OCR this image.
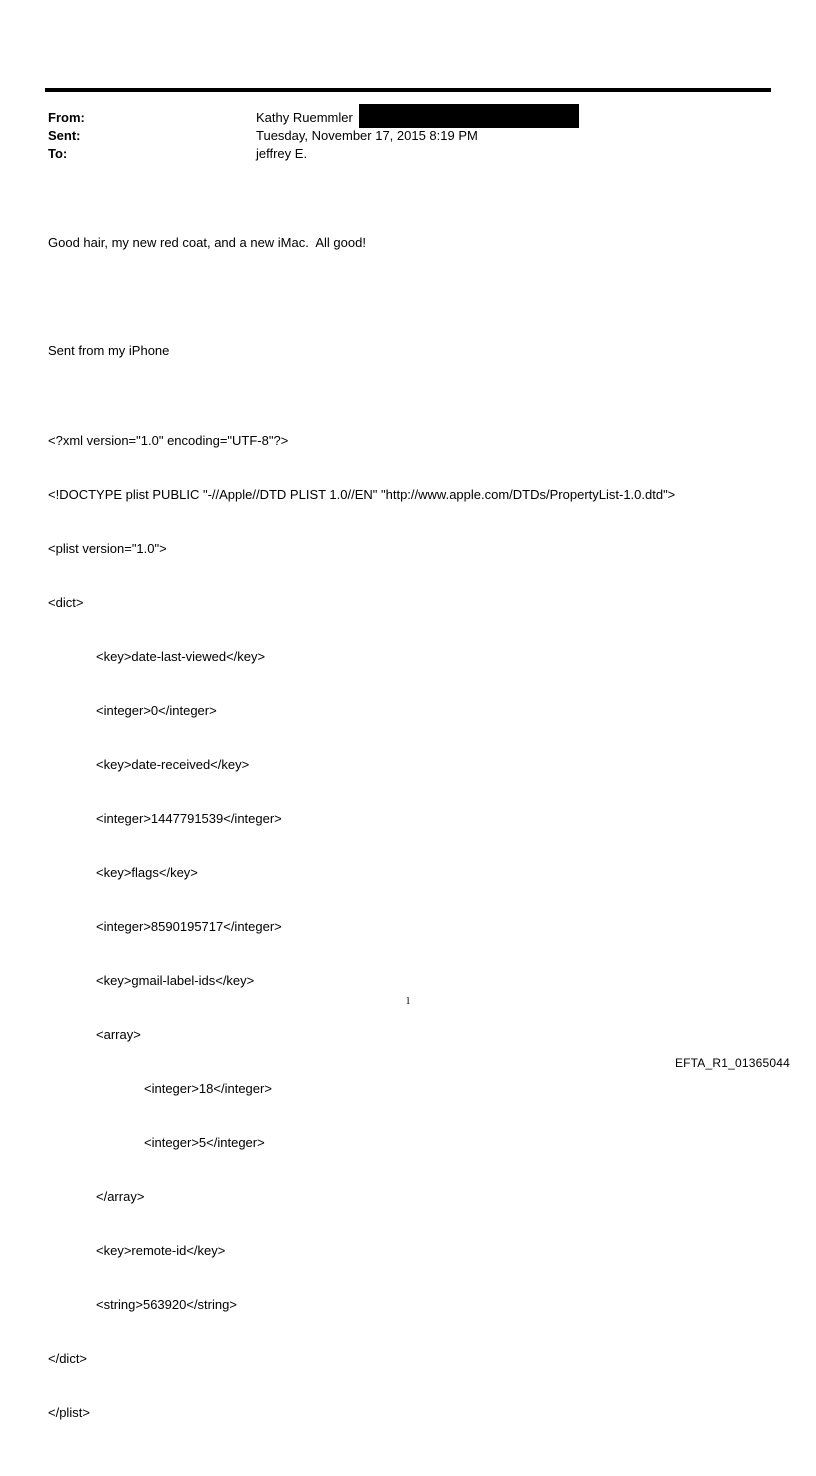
From:	Kathy Ruemmler
Sent:	Tuesday, November 17, 2015 8:19 PM
To:	jeffrey E.

Good hair, my new red coat, and a new iMac.  All good!

Sent from my iPhone

<?xml version="1.0" encoding="UTF-8"?>

<!DOCTYPE plist PUBLIC "-//Apple//DTD PLIST 1.0//EN" "http://www.apple.com/DTDs/PropertyList-1.0.dtd">

<plist version="1.0">

<dict>

<key>date-last-viewed</key>

<integer>0</integer>

<key>date-received</key>

<integer>1447791539</integer>

<key>flags</key>

<integer>8590195717</integer>

<key>gmail-label-ids</key>

<array>

<integer>18</integer>

<integer>5</integer>

</array>

<key>remote-id</key>

<string>563920</string>

</dict>

</plist>

1
EFTA_R1_01365044
